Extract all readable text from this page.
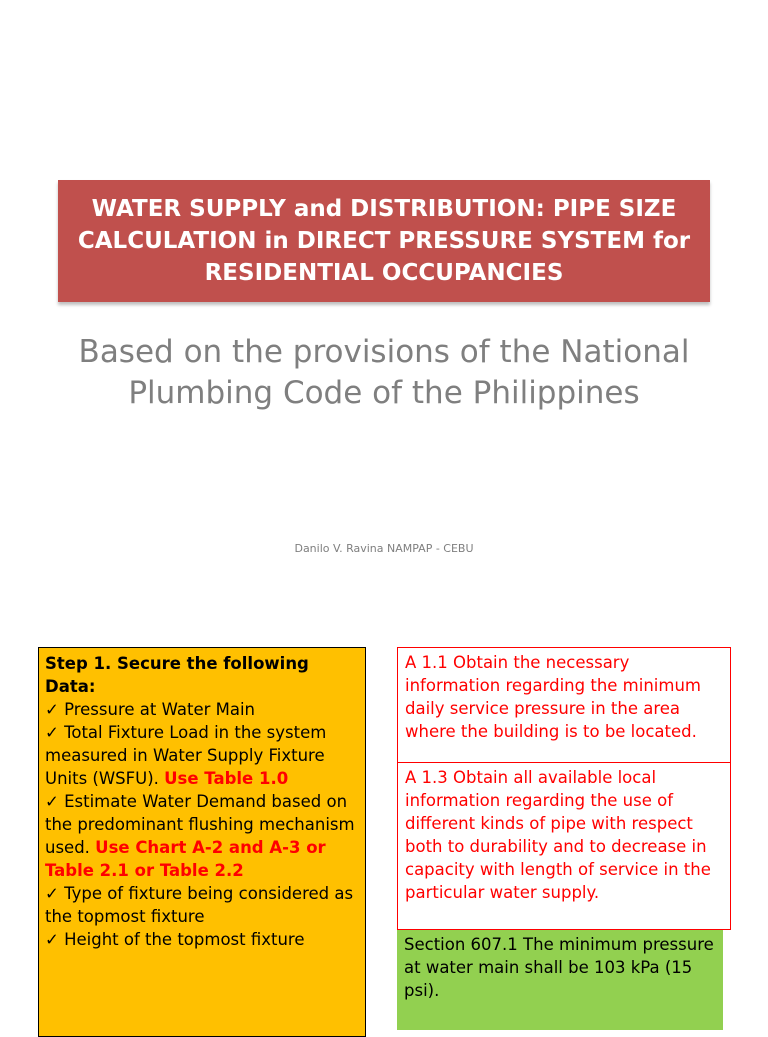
WATER SUPPLY and DISTRIBUTION: PIPE SIZE CALCULATION in DIRECT PRESSURE SYSTEM for RESIDENTIAL OCCUPANCIES
Based on the provisions of the National Plumbing Code of the Philippines
Danilo V. Ravina NAMPAP - CEBU
Step 1. Secure the following Data:
✓ Pressure at Water Main
✓ Total Fixture Load in the system measured in Water Supply Fixture Units (WSFU). Use Table 1.0
✓ Estimate Water Demand based on the predominant flushing mechanism used. Use Chart A-2 and A-3 or Table 2.1 or Table 2.2
✓ Type of fixture being considered as the topmost fixture
✓ Height of the topmost fixture
A 1.1 Obtain the necessary information regarding the minimum daily service pressure in the area where the building is to be located.
A 1.3 Obtain all available local information regarding the use of different kinds of pipe with respect both to durability and to decrease in capacity with length of service in the particular water supply.
Section 607.1 The minimum pressure at water main shall be 103 kPa (15 psi).
